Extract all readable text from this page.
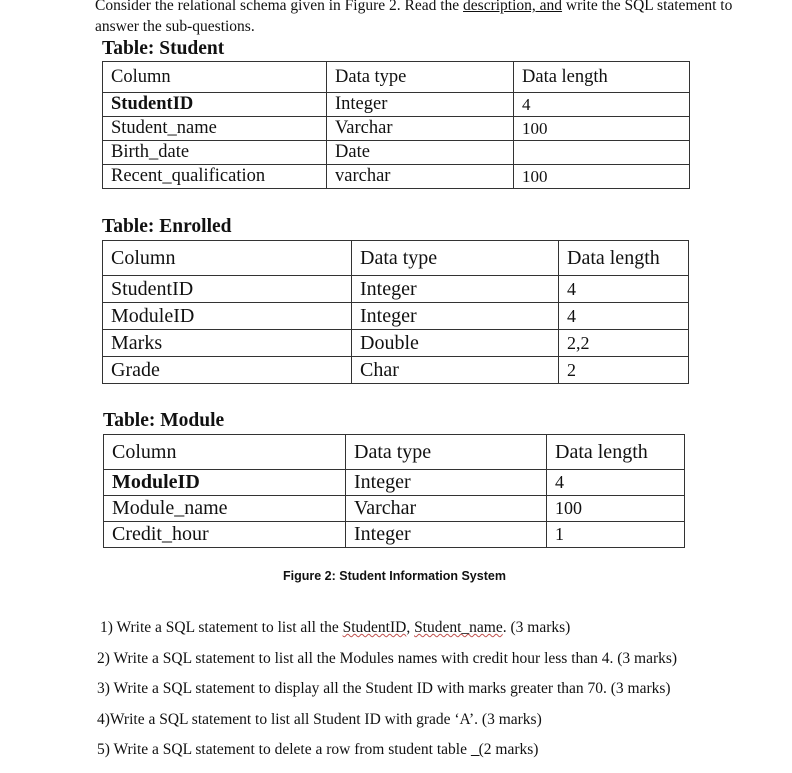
Consider the relational schema given in Figure 2. Read the description, and write the SQL statement to answer the sub-questions.
Table: Student
Column	Data type	Data length
StudentID	Integer	4
Student_name	Varchar	100
Birth_date	Date	
Recent_qualification	varchar	100
Table: Enrolled
Column	Data type	Data length
StudentID	Integer	4
ModuleID	Integer	4
Marks	Double	2,2
Grade	Char	2
Table: Module
Column	Data type	Data length
ModuleID	Integer	4
Module_name	Varchar	100
Credit_hour	Integer	1
Figure 2: Student Information System
1) Write a SQL statement to list all the StudentID, Student_name. (3 marks)
2) Write a SQL statement to list all the Modules names with credit hour less than 4. (3 marks)
3) Write a SQL statement to display all the Student ID with marks greater than 70. (3 marks)
4)Write a SQL statement to list all Student ID with grade ‘A’. (3 marks)
5) Write a SQL statement to delete a row from student table   (2 marks)
